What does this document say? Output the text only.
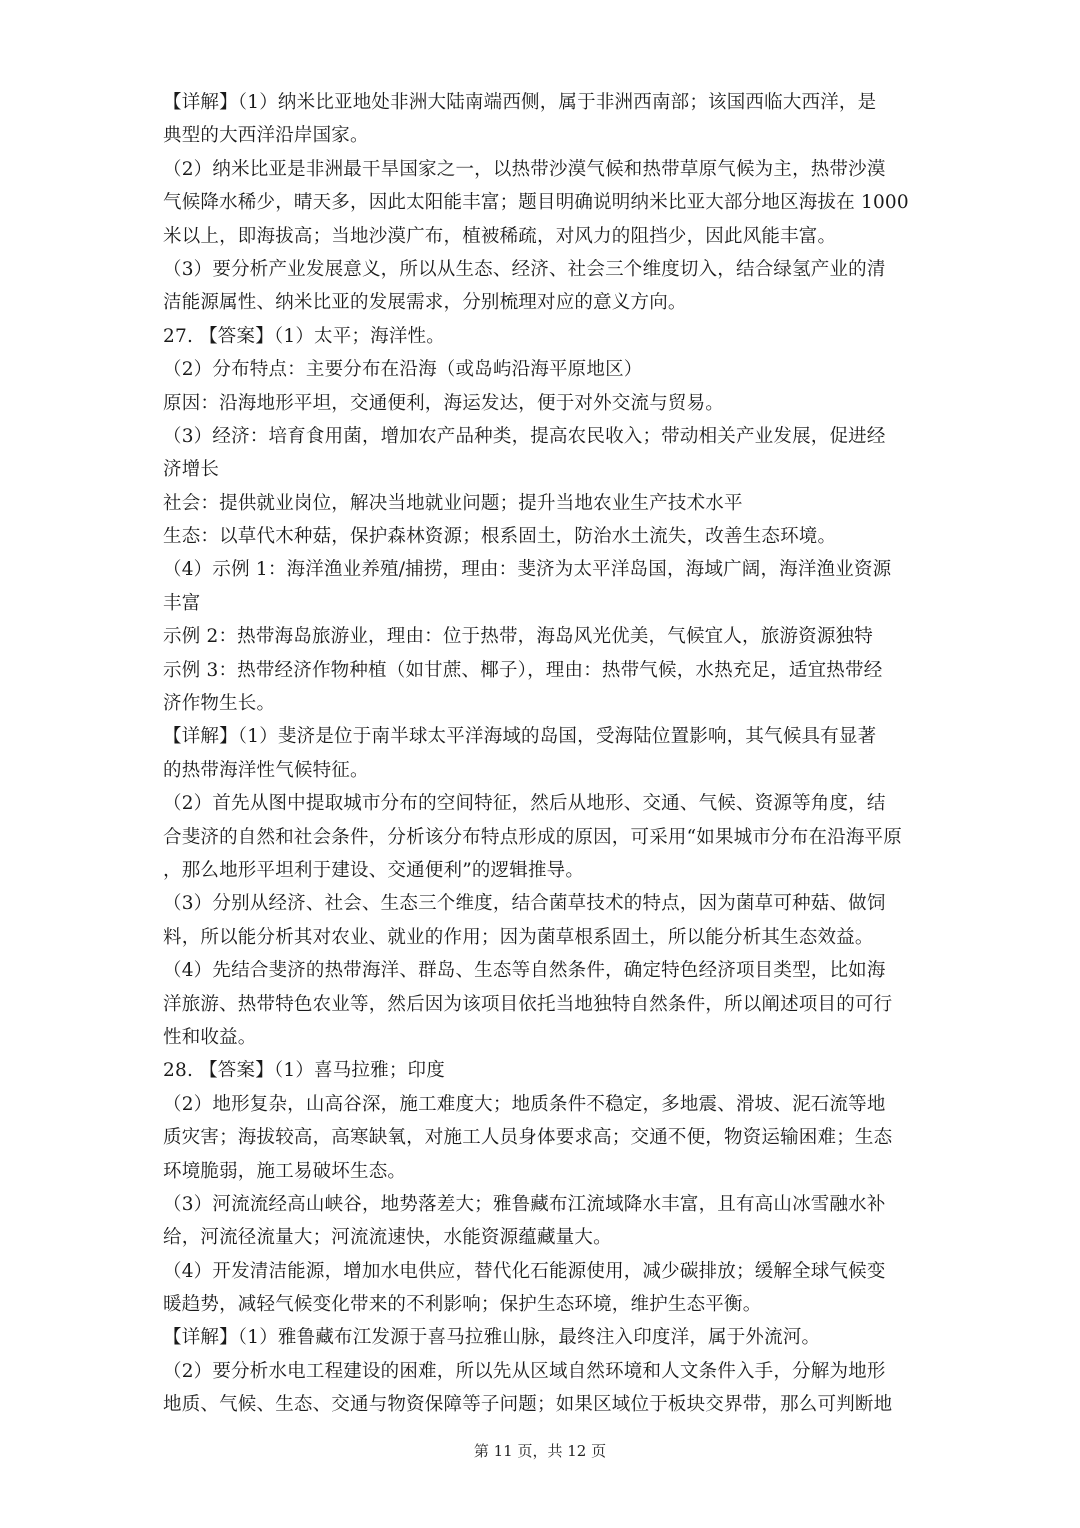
【详解】（1）纳米比亚地处非洲大陆南端西侧，属于非洲西南部；该国西临大西洋，是
典型的大西洋沿岸国家。
（2）纳米比亚是非洲最干旱国家之一，以热带沙漠气候和热带草原气候为主，热带沙漠
气候降水稀少，晴天多，因此太阳能丰富；题目明确说明纳米比亚大部分地区海拔在 1000
米以上，即海拔高；当地沙漠广布，植被稀疏，对风力的阻挡少，因此风能丰富。
（3）要分析产业发展意义，所以从生态、经济、社会三个维度切入，结合绿氢产业的清
洁能源属性、纳米比亚的发展需求，分别梳理对应的意义方向。
27. 【答案】（1）太平；海洋性。
（2）分布特点：主要分布在沿海（或岛屿沿海平原地区）
原因：沿海地形平坦，交通便利，海运发达，便于对外交流与贸易。
（3）经济：培育食用菌，增加农产品种类，提高农民收入；带动相关产业发展，促进经
济增长
社会：提供就业岗位，解决当地就业问题；提升当地农业生产技术水平
生态：以草代木种菇，保护森林资源；根系固土，防治水土流失，改善生态环境。
（4）示例 1：海洋渔业养殖/捕捞，理由：斐济为太平洋岛国，海域广阔，海洋渔业资源
丰富
示例 2：热带海岛旅游业，理由：位于热带，海岛风光优美，气候宜人，旅游资源独特
示例 3：热带经济作物种植（如甘蔗、椰子），理由：热带气候，水热充足，适宜热带经
济作物生长。
【详解】（1）斐济是位于南半球太平洋海域的岛国，受海陆位置影响，其气候具有显著
的热带海洋性气候特征。
（2）首先从图中提取城市分布的空间特征，然后从地形、交通、气候、资源等角度，结
合斐济的自然和社会条件，分析该分布特点形成的原因，可采用“如果城市分布在沿海平原
，那么地形平坦利于建设、交通便利”的逻辑推导。
（3）分别从经济、社会、生态三个维度，结合菌草技术的特点，因为菌草可种菇、做饲
料，所以能分析其对农业、就业的作用；因为菌草根系固土，所以能分析其生态效益。
（4）先结合斐济的热带海洋、群岛、生态等自然条件，确定特色经济项目类型，比如海
洋旅游、热带特色农业等，然后因为该项目依托当地独特自然条件，所以阐述项目的可行
性和收益。
28. 【答案】（1）喜马拉雅；印度
（2）地形复杂，山高谷深，施工难度大；地质条件不稳定，多地震、滑坡、泥石流等地
质灾害；海拔较高，高寒缺氧，对施工人员身体要求高；交通不便，物资运输困难；生态
环境脆弱，施工易破坏生态。
（3）河流流经高山峡谷，地势落差大；雅鲁藏布江流域降水丰富，且有高山冰雪融水补
给，河流径流量大；河流流速快，水能资源蕴藏量大。
（4）开发清洁能源，增加水电供应，替代化石能源使用，减少碳排放；缓解全球气候变
暖趋势，减轻气候变化带来的不利影响；保护生态环境，维护生态平衡。
【详解】（1）雅鲁藏布江发源于喜马拉雅山脉，最终注入印度洋，属于外流河。
（2）要分析水电工程建设的困难，所以先从区域自然环境和人文条件入手，分解为地形
地质、气候、生态、交通与物资保障等子问题；如果区域位于板块交界带，那么可判断地
第 11 页，共 12 页
